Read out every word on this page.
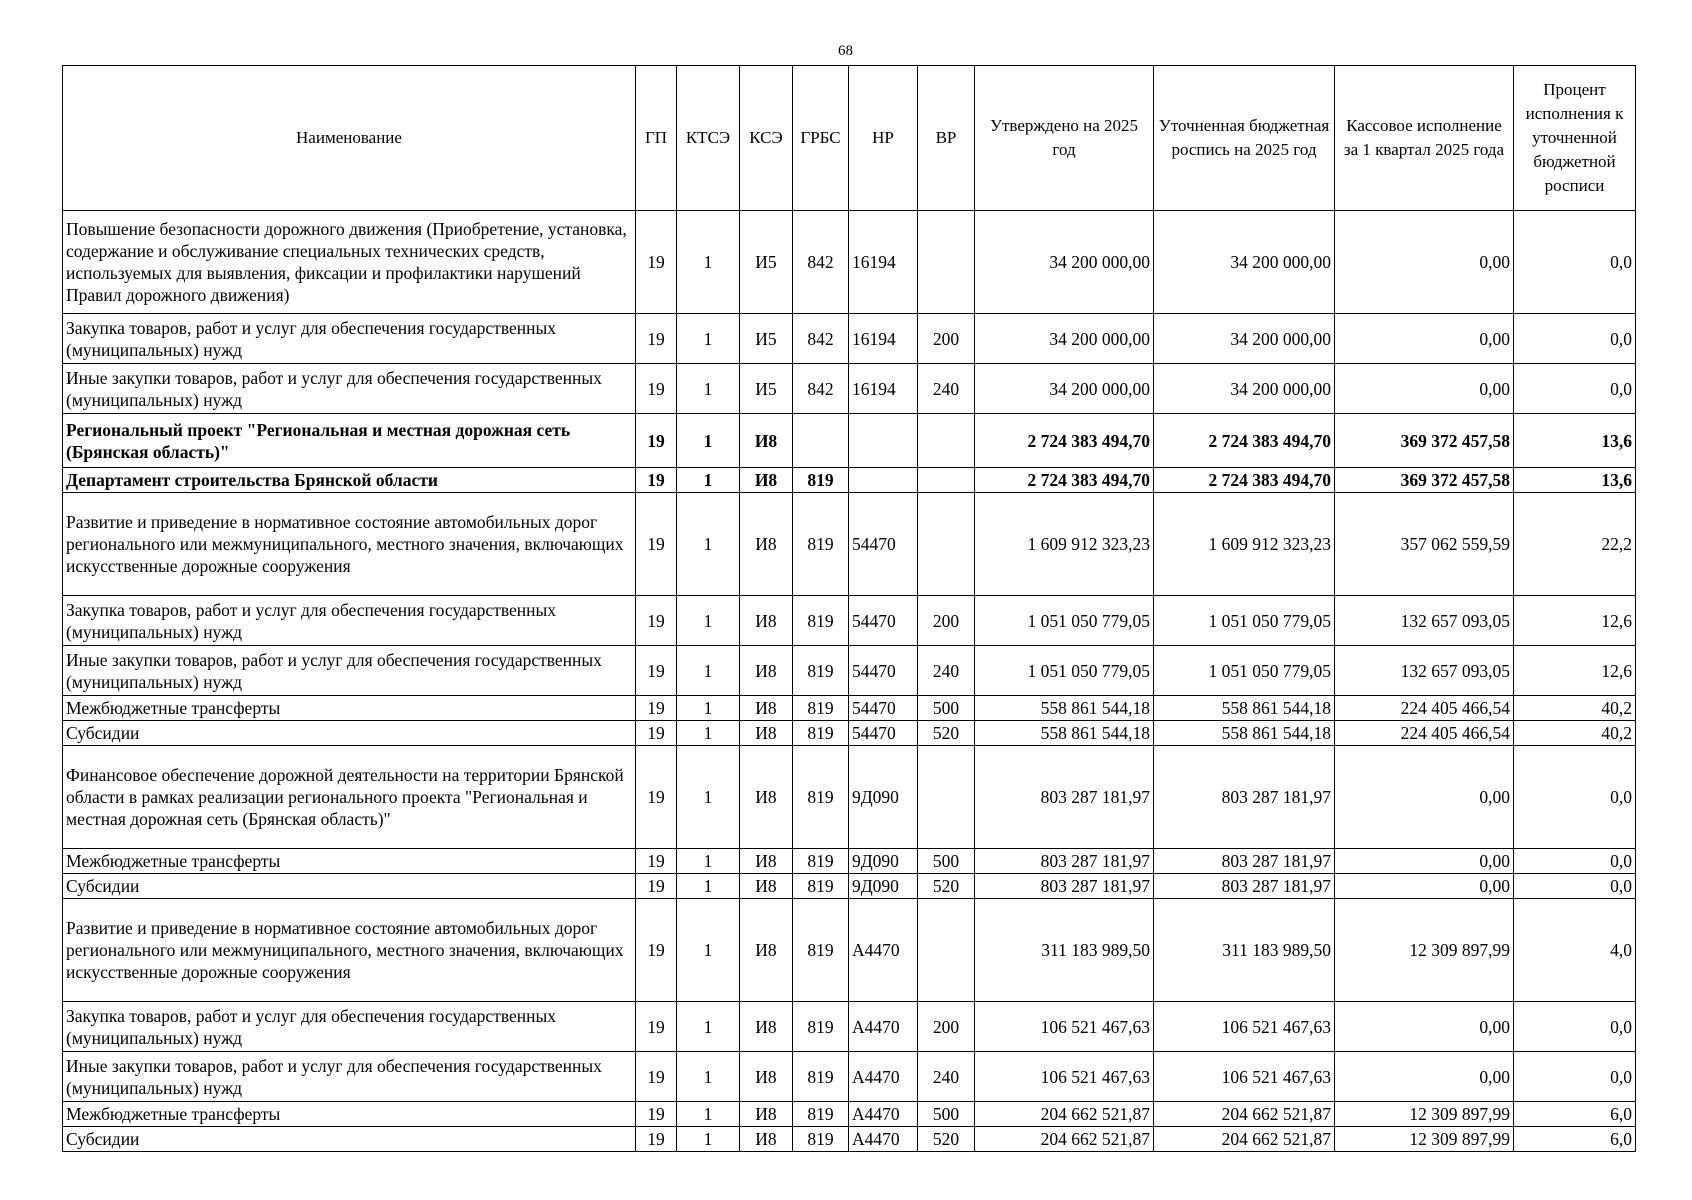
68
Наименование	ГП	КТСЭ	КСЭ	ГРБС	НР	ВР	Утверждено на 2025 год	Уточненная бюджетная роспись на 2025 год	Кассовое исполнение за 1 квартал 2025 года	Процент исполнения к уточненной бюджетной росписи
Повышение безопасности дорожного движения (Приобретение, установка, содержание и обслуживание специальных технических средств, используемых для выявления, фиксации и профилактики нарушений Правил дорожного движения)	19	1	И5	842	16194		34 200 000,00	34 200 000,00	0,00	0,0
Закупка товаров, работ и услуг для обеспечения государственных (муниципальных) нужд	19	1	И5	842	16194	200	34 200 000,00	34 200 000,00	0,00	0,0
Иные закупки товаров, работ и услуг для обеспечения государственных (муниципальных) нужд	19	1	И5	842	16194	240	34 200 000,00	34 200 000,00	0,00	0,0
Региональный проект "Региональная и местная дорожная сеть (Брянская область)"	19	1	И8				2 724 383 494,70	2 724 383 494,70	369 372 457,58	13,6
Департамент строительства Брянской области	19	1	И8	819			2 724 383 494,70	2 724 383 494,70	369 372 457,58	13,6
Развитие и приведение в нормативное состояние автомобильных дорог регионального или межмуниципального, местного значения, включающих искусственные дорожные сооружения	19	1	И8	819	54470		1 609 912 323,23	1 609 912 323,23	357 062 559,59	22,2
Закупка товаров, работ и услуг для обеспечения государственных (муниципальных) нужд	19	1	И8	819	54470	200	1 051 050 779,05	1 051 050 779,05	132 657 093,05	12,6
Иные закупки товаров, работ и услуг для обеспечения государственных (муниципальных) нужд	19	1	И8	819	54470	240	1 051 050 779,05	1 051 050 779,05	132 657 093,05	12,6
Межбюджетные трансферты	19	1	И8	819	54470	500	558 861 544,18	558 861 544,18	224 405 466,54	40,2
Субсидии	19	1	И8	819	54470	520	558 861 544,18	558 861 544,18	224 405 466,54	40,2
Финансовое обеспечение дорожной деятельности на территории Брянской области в рамках реализации регионального проекта "Региональная и местная дорожная сеть (Брянская область)"	19	1	И8	819	9Д090		803 287 181,97	803 287 181,97	0,00	0,0
Межбюджетные трансферты	19	1	И8	819	9Д090	500	803 287 181,97	803 287 181,97	0,00	0,0
Субсидии	19	1	И8	819	9Д090	520	803 287 181,97	803 287 181,97	0,00	0,0
Развитие и приведение в нормативное состояние автомобильных дорог регионального или межмуниципального, местного значения, включающих искусственные дорожные сооружения	19	1	И8	819	А4470		311 183 989,50	311 183 989,50	12 309 897,99	4,0
Закупка товаров, работ и услуг для обеспечения государственных (муниципальных) нужд	19	1	И8	819	А4470	200	106 521 467,63	106 521 467,63	0,00	0,0
Иные закупки товаров, работ и услуг для обеспечения государственных (муниципальных) нужд	19	1	И8	819	А4470	240	106 521 467,63	106 521 467,63	0,00	0,0
Межбюджетные трансферты	19	1	И8	819	А4470	500	204 662 521,87	204 662 521,87	12 309 897,99	6,0
Субсидии	19	1	И8	819	А4470	520	204 662 521,87	204 662 521,87	12 309 897,99	6,0
